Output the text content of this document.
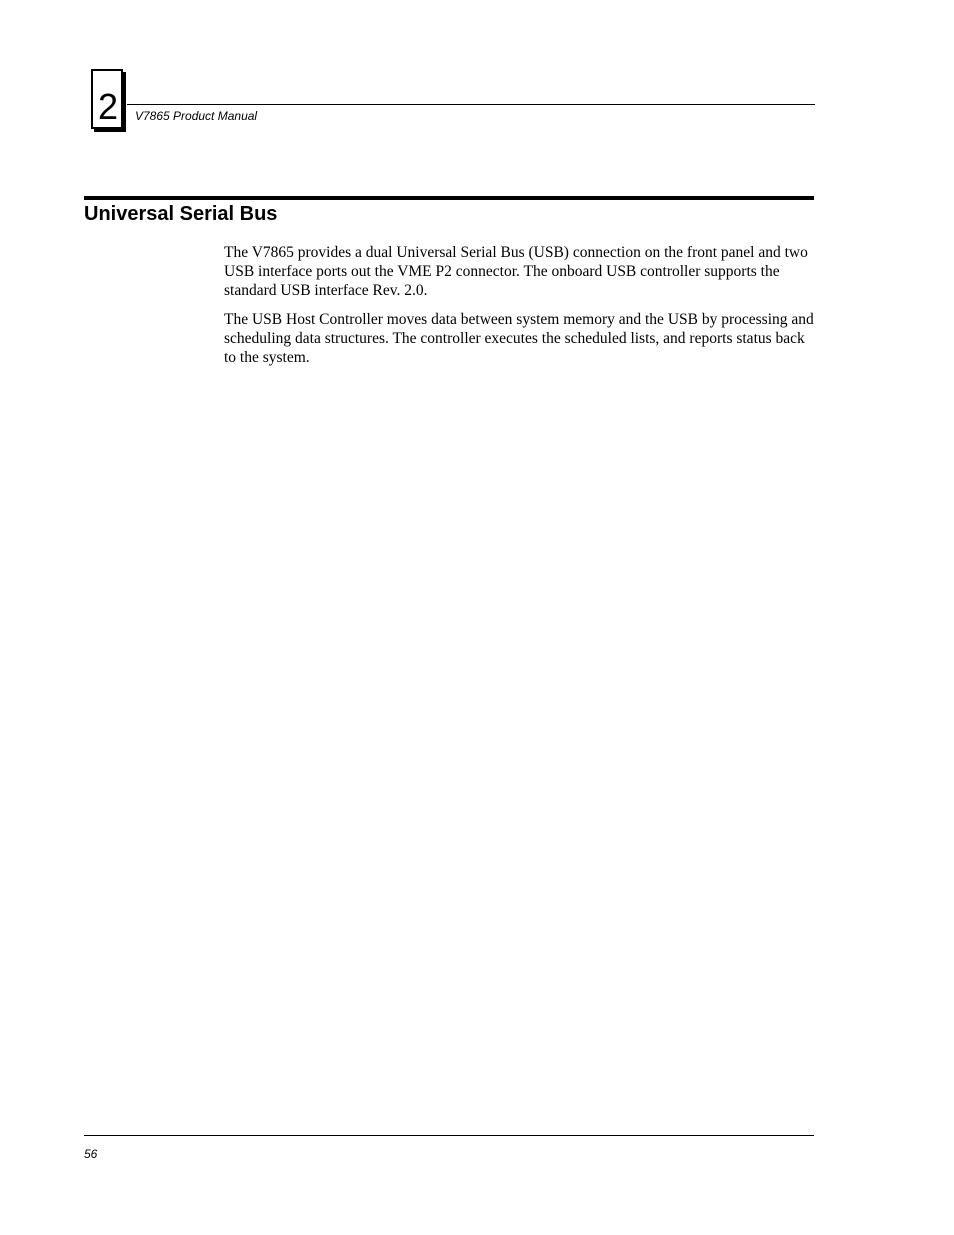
2	V7865 Product Manual
Universal Serial Bus

The V7865 provides a dual Universal Serial Bus (USB) connection on the front panel and two USB interface ports out the VME P2 connector. The onboard USB controller supports the standard USB interface Rev. 2.0.

The USB Host Controller moves data between system memory and the USB by processing and scheduling data structures. The controller executes the scheduled lists, and reports status back to the system.

56
